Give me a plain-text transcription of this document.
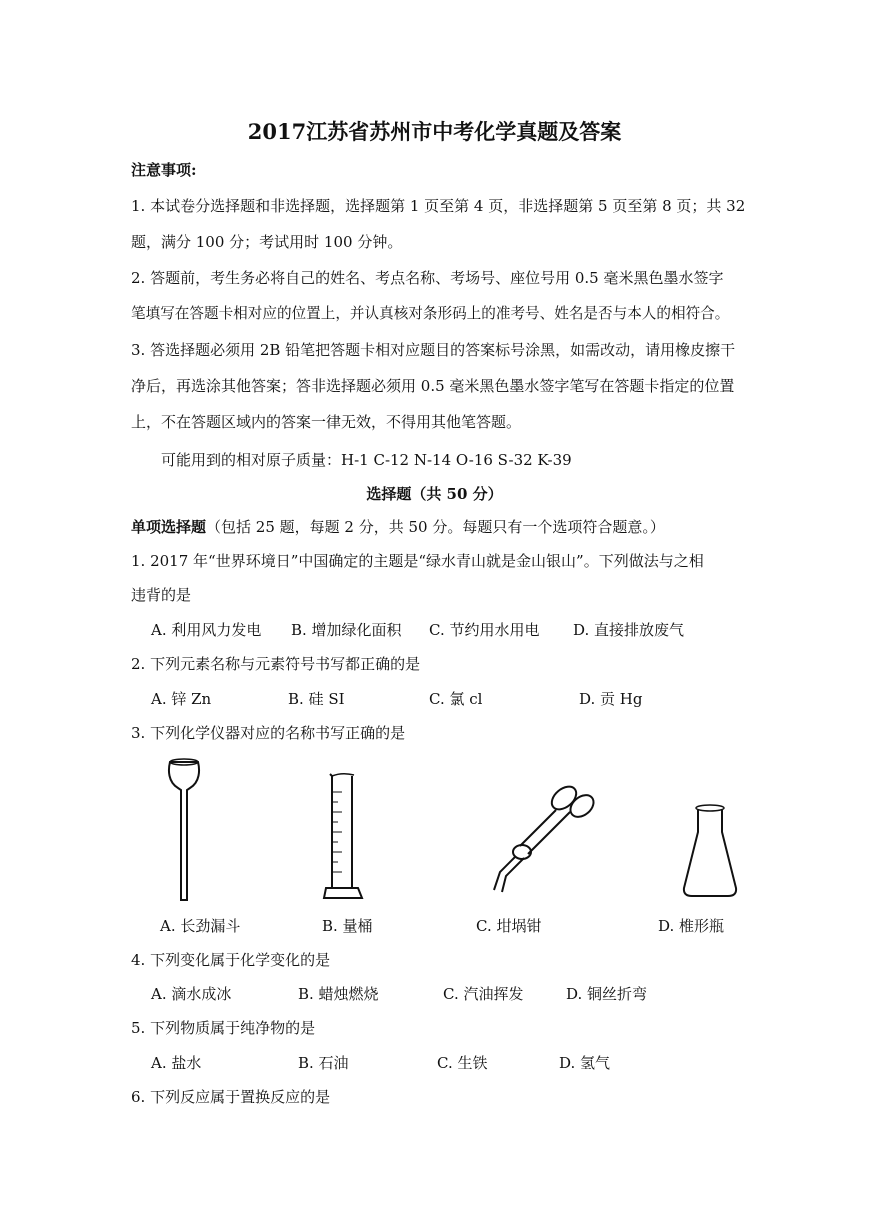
2017江苏省苏州市中考化学真题及答案
注意事项:
1. 本试卷分选择题和非选择题，选择题第 1 页至第 4 页，非选择题第 5 页至第 8 页；共 32
题，满分 100 分；考试用时 100 分钟。
2. 答题前，考生务必将自己的姓名、考点名称、考场号、座位号用 0.5 毫米黑色墨水签字
笔填写在答题卡相对应的位置上，并认真核对条形码上的准考号、姓名是否与本人的相符合。
3. 答选择题必须用 2B 铅笔把答题卡相对应题目的答案标号涂黑，如需改动，请用橡皮擦干
净后，再选涂其他答案；答非选择题必须用 0.5 毫米黑色墨水签字笔写在答题卡指定的位置
上，不在答题区域内的答案一律无效，不得用其他笔答题。
可能用到的相对原子质量：H-1 C-12 N-14 O-16 S-32 K-39
选择题（共 50 分）
单项选择题（包括 25 题，每题 2 分，共 50 分。每题只有一个选项符合题意。）
1. 2017 年“世界环境日”中国确定的主题是“绿水青山就是金山银山”。下列做法与之相
违背的是
A. 利用风力发电 B. 增加绿化面积 C. 节约用水用电 D. 直接排放废气
2. 下列元素名称与元素符号书写都正确的是
A. 锌 Zn	B. 硅 SI	C. 氯 cl	D. 贡 Hg
3. 下列化学仪器对应的名称书写正确的是
A. 长劲漏斗	B. 量桶	C. 坩埚钳	D. 椎形瓶
4. 下列变化属于化学变化的是
A. 滴水成冰	B. 蜡烛燃烧	C. 汽油挥发	D. 铜丝折弯
5. 下列物质属于纯净物的是
A. 盐水	B. 石油	C. 生铁	D. 氢气
6. 下列反应属于置换反应的是
